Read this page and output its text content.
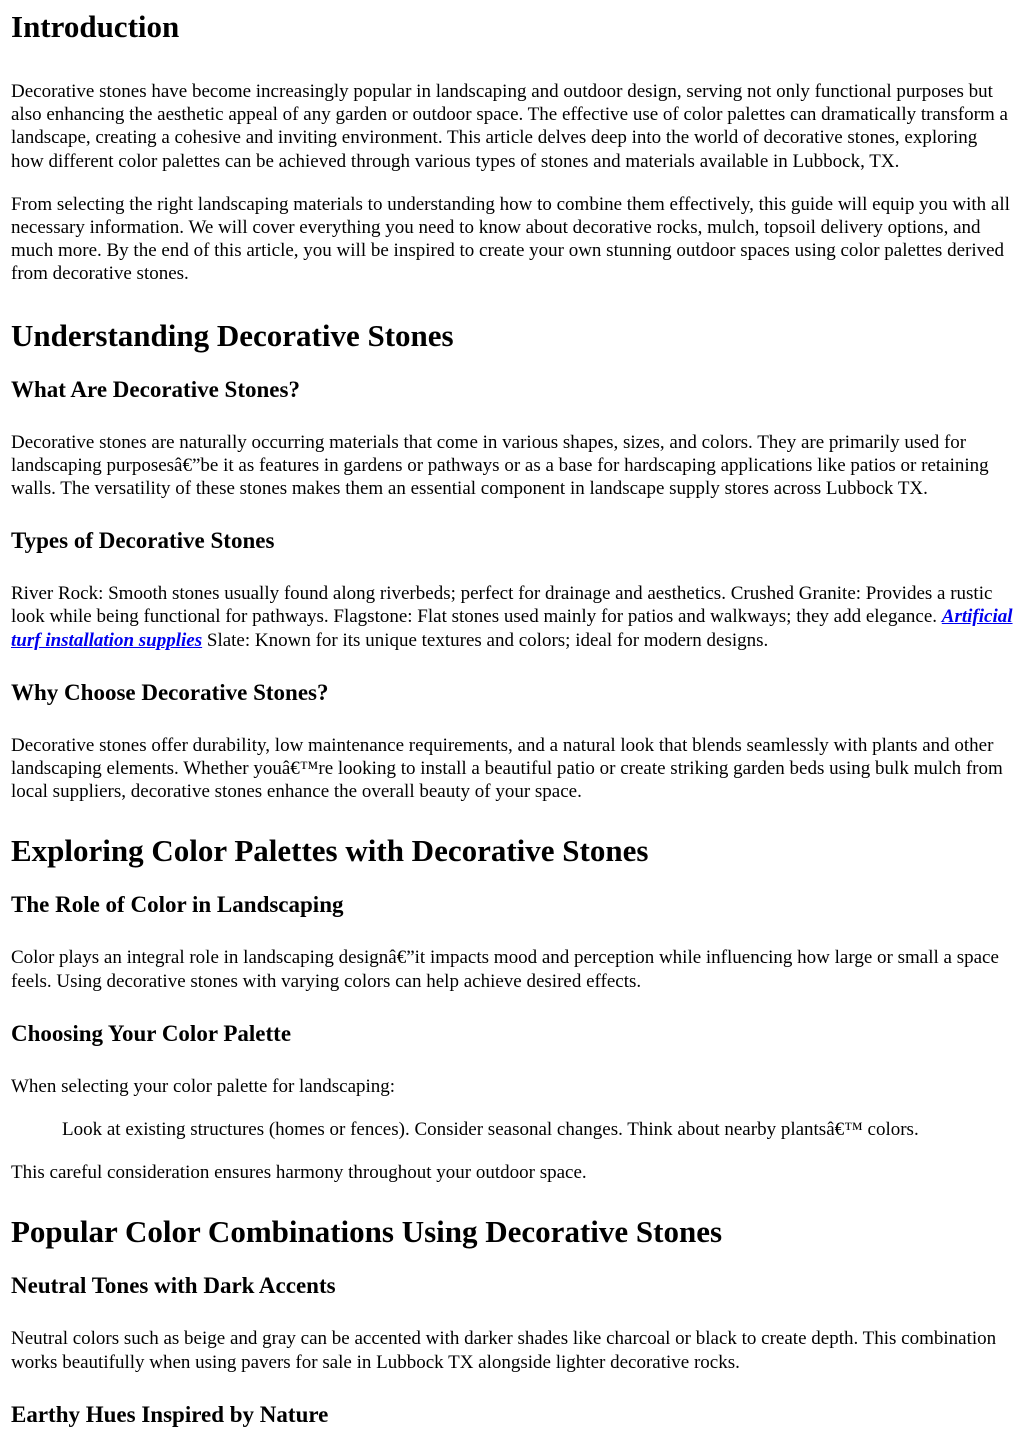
Introduction

Decorative stones have become increasingly popular in landscaping and outdoor design, serving not only functional purposes but also enhancing the aesthetic appeal of any garden or outdoor space. The effective use of color palettes can dramatically transform a landscape, creating a cohesive and inviting environment. This article delves deep into the world of decorative stones, exploring how different color palettes can be achieved through various types of stones and materials available in Lubbock, TX.

From selecting the right landscaping materials to understanding how to combine them effectively, this guide will equip you with all necessary information. We will cover everything you need to know about decorative rocks, mulch, topsoil delivery options, and much more. By the end of this article, you will be inspired to create your own stunning outdoor spaces using color palettes derived from decorative stones.

Understanding Decorative Stones
What Are Decorative Stones?

Decorative stones are naturally occurring materials that come in various shapes, sizes, and colors. They are primarily used for landscaping purposesâ€”be it as features in gardens or pathways or as a base for hardscaping applications like patios or retaining walls. The versatility of these stones makes them an essential component in landscape supply stores across Lubbock TX.

Types of Decorative Stones

River Rock: Smooth stones usually found along riverbeds; perfect for drainage and aesthetics. Crushed Granite: Provides a rustic look while being functional for pathways. Flagstone: Flat stones used mainly for patios and walkways; they add elegance. Artificial turf installation supplies Slate: Known for its unique textures and colors; ideal for modern designs.

Why Choose Decorative Stones?

Decorative stones offer durability, low maintenance requirements, and a natural look that blends seamlessly with plants and other landscaping elements. Whether youâ€™re looking to install a beautiful patio or create striking garden beds using bulk mulch from local suppliers, decorative stones enhance the overall beauty of your space.

Exploring Color Palettes with Decorative Stones
The Role of Color in Landscaping

Color plays an integral role in landscaping designâ€”it impacts mood and perception while influencing how large or small a space feels. Using decorative stones with varying colors can help achieve desired effects.

Choosing Your Color Palette

When selecting your color palette for landscaping:

Look at existing structures (homes or fences). Consider seasonal changes. Think about nearby plantsâ€™ colors.

This careful consideration ensures harmony throughout your outdoor space.

Popular Color Combinations Using Decorative Stones
Neutral Tones with Dark Accents

Neutral colors such as beige and gray can be accented with darker shades like charcoal or black to create depth. This combination works beautifully when using pavers for sale in Lubbock TX alongside lighter decorative rocks.

Earthy Hues Inspired by Nature
